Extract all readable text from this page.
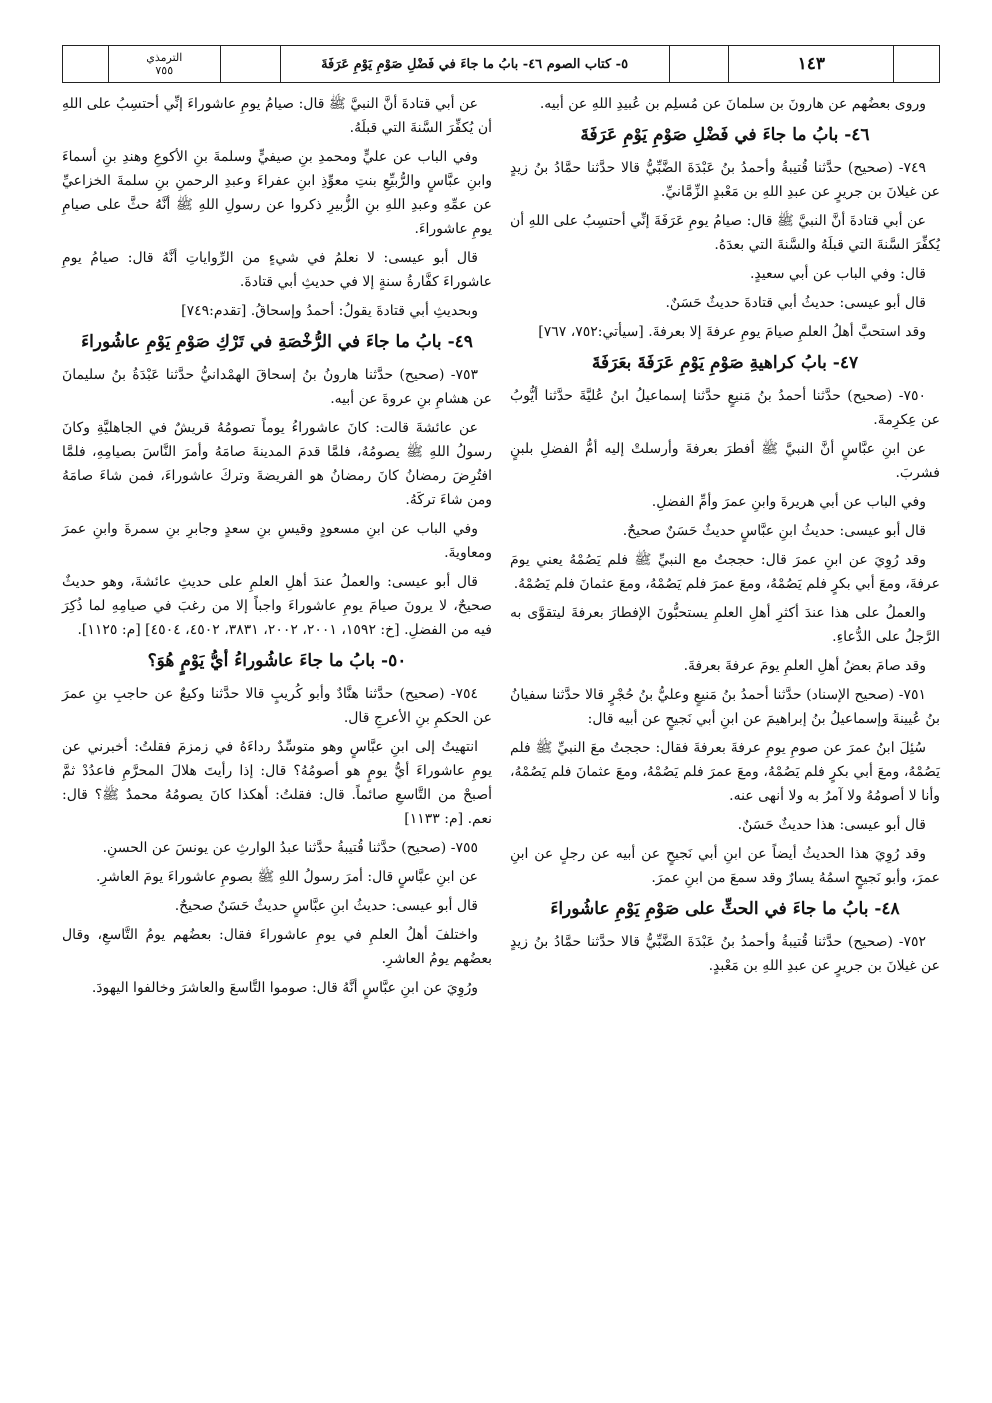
الترمذي
٧٥٥	٥- كتاب الصوم ٤٦- بابُ ما جاءَ في فَضْلِ صَوْمِ يَوْمِ عَرَفَةَ	١٤٣

وروى بعضُهم عن هارونَ بن سلمانَ عن مُسلِم بن عُبيدِ اللهِ عن أبيه.

٤٦- بابُ ما جاءَ في فَضْلِ صَوْمِ يَوْمِ عَرَفَةَ

٧٤٩- (صحيح) حدَّثنا قُتيبةُ وأحمدُ بنُ عَبْدَةَ الضَّبِّيُّ قالا حدَّثنا حمَّادُ بنُ زيدٍ عن غيلانَ بن جريرٍ عن عبدِ اللهِ بن مَعْبدٍ الزِّمَّانيِّ.

عن أبي قتادةَ أنَّ النبيَّ ﷺ قال: صيامُ يومِ عَرَفَةَ إنِّي أحتسِبُ على اللهِ أن يُكفِّرَ السَّنةَ التي قبلَهُ والسَّنةَ التي بعدَهُ.

قال: وفي الباب عن أبي سعيدٍ.

قال أبو عيسى: حديثُ أبي قتادةَ حديثٌ حَسَنٌ.

وقد استحبَّ أهلُ العلمِ صيامَ يومِ عرفةَ إلا بعرفةَ. [سيأتي:٧٥٢، ٧٦٧]

٤٧- بابُ كراهيةِ صَوْمِ يَوْمِ عَرَفَةَ بعَرَفَةَ

٧٥٠- (صحيح) حدَّثنا أحمدُ بنُ مَنيعٍ حدَّثنا إسماعيلُ ابنُ عُليَّةَ حدَّثنا أيُّوبُ عن عِكرِمةَ.

عن ابنِ عبَّاسٍ أنَّ النبيَّ ﷺ أفطرَ بعرفةَ وأرسلتْ إليه أمُّ الفضلِ بلبنٍ فشربَ.

وفي الباب عن أبي هريرةَ وابنِ عمرَ وأمِّ الفضلِ.

قال أبو عيسى: حديثُ ابنِ عبَّاسٍ حديثٌ حَسَنٌ صحيحٌ.

وقد رُوِيَ عن ابنِ عمرَ قال: حججتُ مع النبيِّ ﷺ فلم يَصُمْهُ يعني يومَ عرفةَ، ومعَ أبي بكرٍ فلم يَصُمْهُ، ومعَ عمرَ فلم يَصُمْهُ، ومعَ عثمانَ فلم يَصُمْهُ.

والعملُ على هذا عندَ أكثرِ أهلِ العلمِ يستحبُّونَ الإفطارَ بعرفةَ ليتقوَّى به الرَّجلُ على الدُّعاءِ.

وقد صامَ بعضُ أهلِ العلمِ يومَ عرفةَ بعرفةَ.

٧٥١- (صحيح الإسناد) حدَّثنا أحمدُ بنُ مَنيعٍ وعليُّ بنُ حُجْرٍ قالا حدَّثنا سفيانُ بنُ عُيينةَ وإسماعيلُ بنُ إبراهيمَ عن ابنِ أبي نَجيحٍ عن أبيه قال:

سُئِلَ ابنُ عمرَ عن صومِ يومِ عرفةَ بعرفةَ فقال: حججتُ معَ النبيِّ ﷺ فلم يَصُمْهُ، ومعَ أبي بكرٍ فلم يَصُمْهُ، ومعَ عمرَ فلم يَصُمْهُ، ومعَ عثمانَ فلم يَصُمْهُ، وأنا لا أصومُهُ ولا آمرُ به ولا أنهى عنه.

قال أبو عيسى: هذا حديثٌ حَسَنٌ.

وقد رُوِيَ هذا الحديثُ أيضاً عن ابنِ أبي نَجيحٍ عن أبيه عن رجلٍ عن ابنِ عمرَ، وأبو نَجيحٍ اسمُهُ يسارٌ وقد سمعَ من ابنِ عمرَ.

٤٨- بابُ ما جاءَ في الحثِّ على صَوْمِ يَوْمِ عاشُوراءَ

٧٥٢- (صحيح) حدَّثنا قُتيبةُ وأحمدُ بنُ عَبْدَةَ الضَّبِّيُّ قالا حدَّثنا حمَّادُ بنُ زيدٍ عن غيلانَ بن جريرٍ عن عبدِ اللهِ بن مَعْبدٍ.

عن أبي قتادةَ أنَّ النبيَّ ﷺ قال: صيامُ يومِ عاشوراءَ إنِّي أحتسِبُ على اللهِ أن يُكفِّرَ السَّنةَ التي قبلَهُ.

وفي الباب عن عليٍّ ومحمدِ بنِ صيفيٍّ وسلمةَ بنِ الأكوعِ وهندِ بنِ أسماءَ وابنِ عبَّاسٍ والرُّبيِّعِ بنتِ معوِّذِ ابنِ عفراءَ وعبدِ الرحمنِ بنِ سلمةَ الخزاعيِّ عن عمِّهِ وعبدِ اللهِ بنِ الزُّبيرِ ذكروا عن رسولِ اللهِ ﷺ أنَّهُ حثَّ على صيامِ يومِ عاشوراءَ.

قال أبو عيسى: لا نعلمُ في شيءٍ من الرِّواياتِ أنَّهُ قال: صيامُ يومِ عاشوراءَ كفَّارةُ سنةٍ إلا في حديثِ أبي قتادةَ.

وبحديثِ أبي قتادةَ يقولُ: أحمدُ وإسحاقُ. [تقدم:٧٤٩]

٤٩- بابُ ما جاءَ في الرُّخْصَةِ في تَرْكِ صَوْمِ يَوْمِ عاشُوراءَ

٧٥٣- (صحيح) حدَّثنا هارونُ بنُ إسحاقَ الهمْدانيُّ حدَّثنا عَبْدَةُ بنُ سليمانَ عن هشامِ بنِ عروةَ عن أبيه.

عن عائشةَ قالت: كانَ عاشوراءُ يوماً تصومُهُ قريشٌ في الجاهليَّةِ وكانَ رسولُ اللهِ ﷺ يصومُهُ، فلمَّا قدمَ المدينةَ صامَهُ وأمرَ النَّاسَ بصيامِهِ، فلمَّا افتُرِضَ رمضانُ كانَ رمضانُ هو الفريضةَ وتركَ عاشوراءَ، فمن شاءَ صامَهُ ومن شاءَ تركَهُ.

وفي الباب عن ابنِ مسعودٍ وقيسِ بنِ سعدٍ وجابرِ بنِ سمرةَ وابنِ عمرَ ومعاويةَ.

قال أبو عيسى: والعملُ عندَ أهلِ العلمِ على حديثِ عائشةَ، وهو حديثٌ صحيحٌ، لا يرونَ صيامَ يومِ عاشوراءَ واجباً إلا من رغبَ في صيامِهِ لما ذُكِرَ فيه من الفضلِ. [خ: ١٥٩٢، ٢٠٠١، ٢٠٠٢، ٣٨٣١، ٤٥٠٢، ٤٥٠٤] [م: ١١٢٥].

٥٠- بابُ ما جاءَ عاشُوراءُ أيُّ يَوْمٍ هُوَ؟

٧٥٤- (صحيح) حدَّثنا هنَّادٌ وأبو كُريبٍ قالا حدَّثنا وكيعٌ عن حاجبِ بنِ عمرَ عن الحكمِ بنِ الأعرجِ قال.

انتهيتُ إلى ابنِ عبَّاسٍ وهو متوسِّدٌ رداءَهُ في زمزمَ فقلتُ: أخبرني عن يومِ عاشوراءَ أيُّ يومٍ هو أصومُهُ؟ قال: إذا رأيتَ هلالَ المحرَّمِ فاعدُدْ ثمَّ أصبحْ من التَّاسعِ صائماً. قال: فقلتُ: أهكذا كانَ يصومُهُ محمدٌ ﷺ؟ قال: نعم. [م: ١١٣٣]

٧٥٥- (صحيح) حدَّثنا قُتيبةُ حدَّثنا عبدُ الوارثِ عن يونسَ عن الحسنِ.

عن ابنِ عبَّاسٍ قال: أمرَ رسولُ اللهِ ﷺ بصومِ عاشوراءَ يومَ العاشرِ.

قال أبو عيسى: حديثُ ابنِ عبَّاسٍ حديثٌ حَسَنٌ صحيحٌ.

واختلفَ أهلُ العلمِ في يومِ عاشوراءَ فقال: بعضُهم يومُ التَّاسعِ، وقال بعضُهم يومُ العاشرِ.

ورُوِيَ عن ابنِ عبَّاسٍ أنَّهُ قال: صوموا التَّاسعَ والعاشرَ وخالفوا اليهودَ.
